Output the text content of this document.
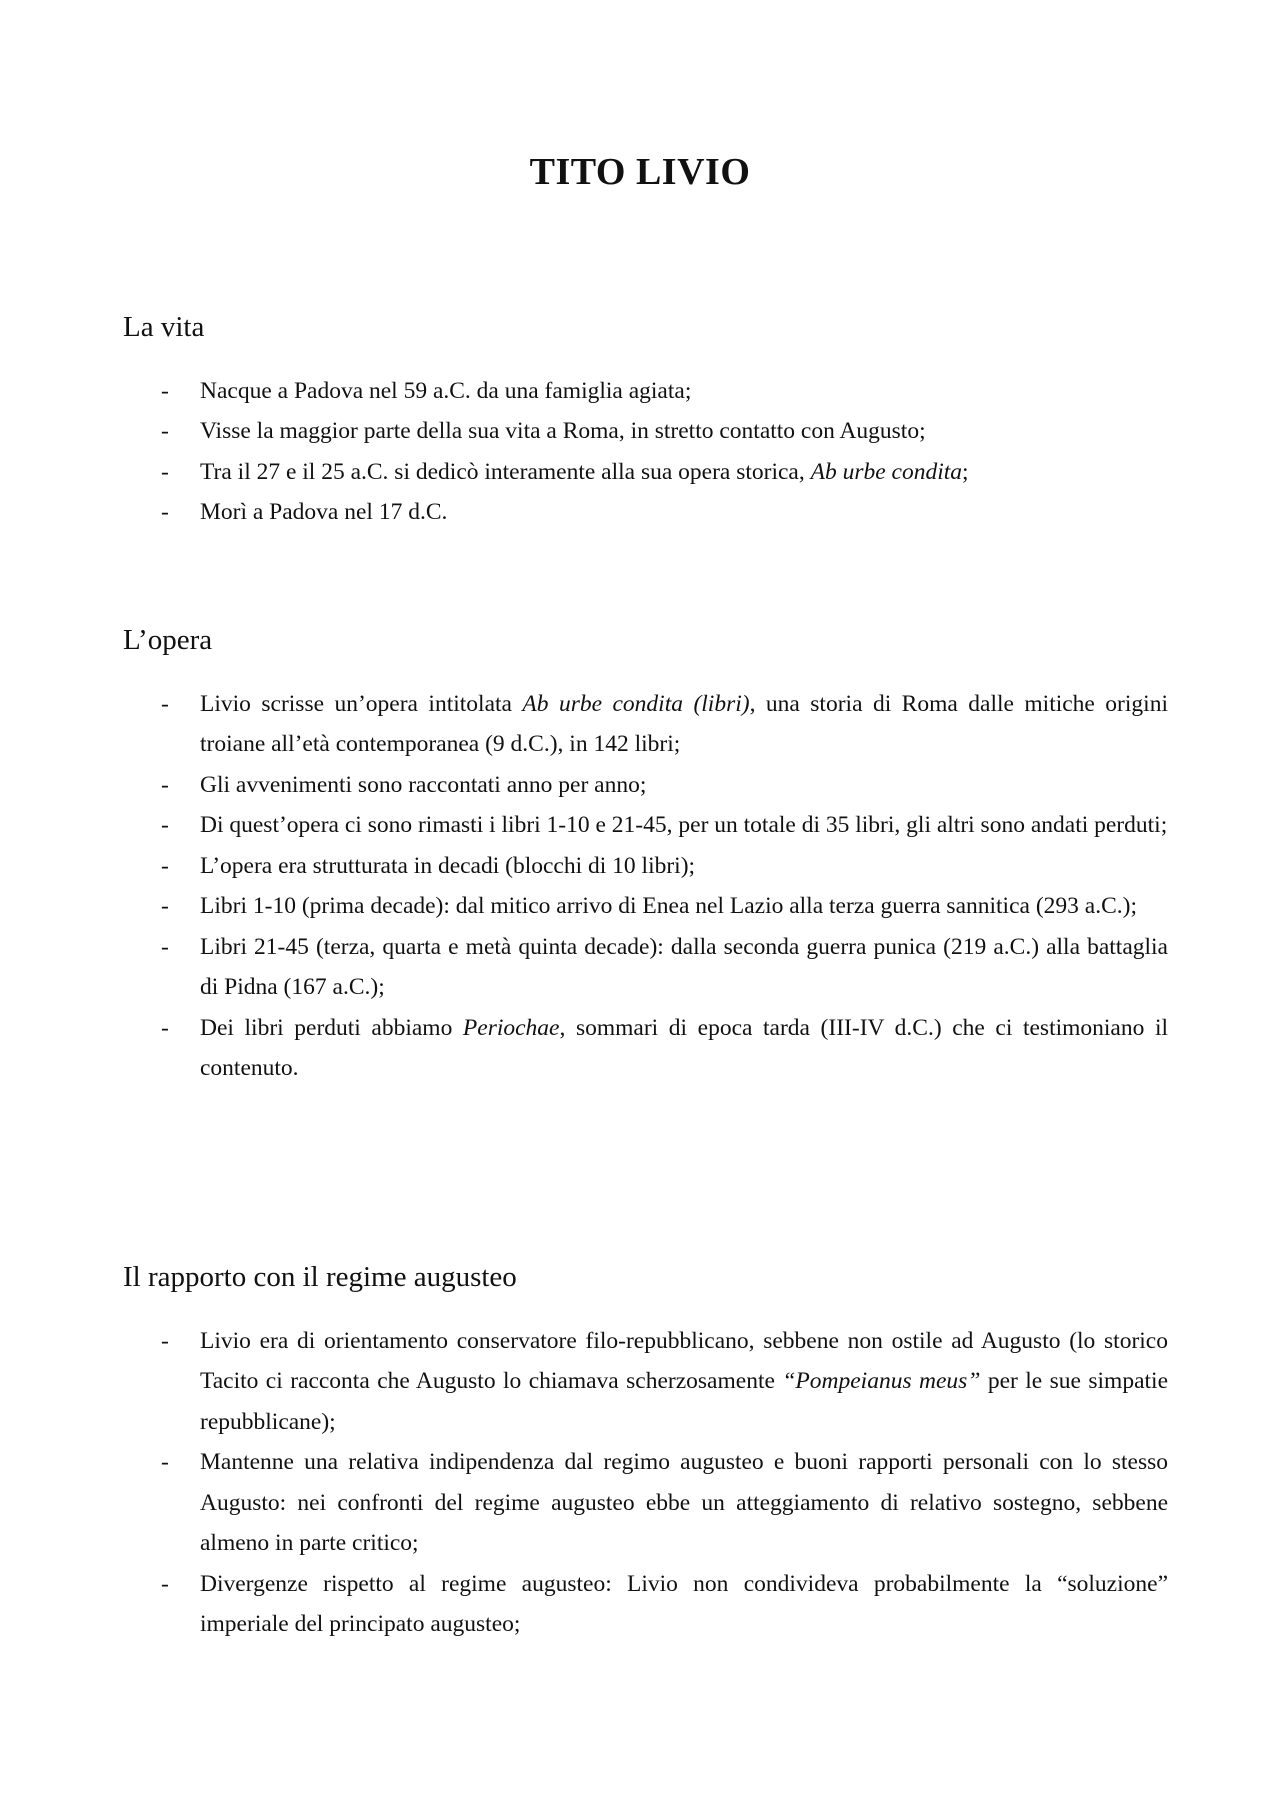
TITO LIVIO
La vita
- Nacque a Padova nel 59 a.C. da una famiglia agiata;
- Visse la maggior parte della sua vita a Roma, in stretto contatto con Augusto;
- Tra il 27 e il 25 a.C. si dedicò interamente alla sua opera storica, Ab urbe condita;
- Morì a Padova nel 17 d.C.
L’opera
- Livio scrisse un’opera intitolata Ab urbe condita (libri), una storia di Roma dalle mitiche origini troiane all’età contemporanea (9 d.C.), in 142 libri;
- Gli avvenimenti sono raccontati anno per anno;
- Di quest’opera ci sono rimasti i libri 1-10 e 21-45, per un totale di 35 libri, gli altri sono andati perduti;
- L’opera era strutturata in decadi (blocchi di 10 libri);
- Libri 1-10 (prima decade): dal mitico arrivo di Enea nel Lazio alla terza guerra sannitica (293 a.C.);
- Libri 21-45 (terza, quarta e metà quinta decade): dalla seconda guerra punica (219 a.C.) alla battaglia di Pidna (167 a.C.);
- Dei libri perduti abbiamo Periochae, sommari di epoca tarda (III-IV d.C.) che ci testimoniano il contenuto.
Il rapporto con il regime augusteo
- Livio era di orientamento conservatore filo-repubblicano, sebbene non ostile ad Augusto (lo storico Tacito ci racconta che Augusto lo chiamava scherzosamente “Pompeianus meus” per le sue simpatie repubblicane);
- Mantenne una relativa indipendenza dal regimo augusteo e buoni rapporti personali con lo stesso Augusto: nei confronti del regime augusteo ebbe un atteggiamento di relativo sostegno, sebbene almeno in parte critico;
- Divergenze rispetto al regime augusteo: Livio non condivideva probabilmente la “soluzione” imperiale del principato augusteo;
